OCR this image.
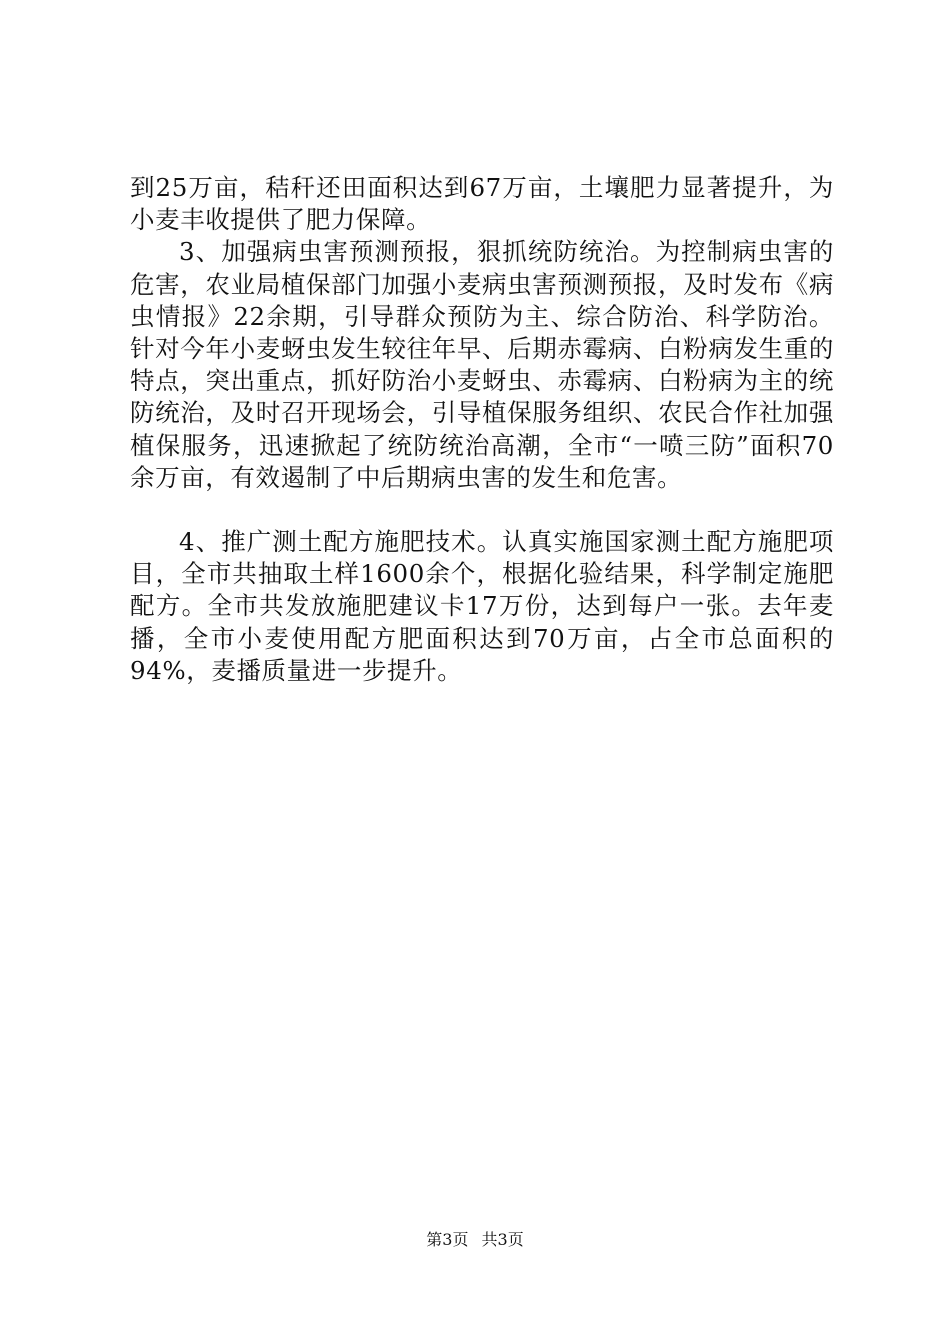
到25万亩，秸秆还田面积达到67万亩，土壤肥力显著提升，为小麦丰收提供了肥力保障。

3、加强病虫害预测预报，狠抓统防统治。为控制病虫害的危害，农业局植保部门加强小麦病虫害预测预报，及时发布《病虫情报》22余期，引导群众预防为主、综合防治、科学防治。针对今年小麦蚜虫发生较往年早、后期赤霉病、白粉病发生重的特点，突出重点，抓好防治小麦蚜虫、赤霉病、白粉病为主的统防统治，及时召开现场会，引导植保服务组织、农民合作社加强植保服务，迅速掀起了统防统治高潮，全市“一喷三防”面积70余万亩，有效遏制了中后期病虫害的发生和危害。

4、推广测土配方施肥技术。认真实施国家测土配方施肥项目，全市共抽取土样1600余个，根据化验结果，科学制定施肥配方。全市共发放施肥建议卡17万份，达到每户一张。去年麦播，全市小麦使用配方肥面积达到70万亩，占全市总面积的94%，麦播质量进一步提升。

第3页 共3页
